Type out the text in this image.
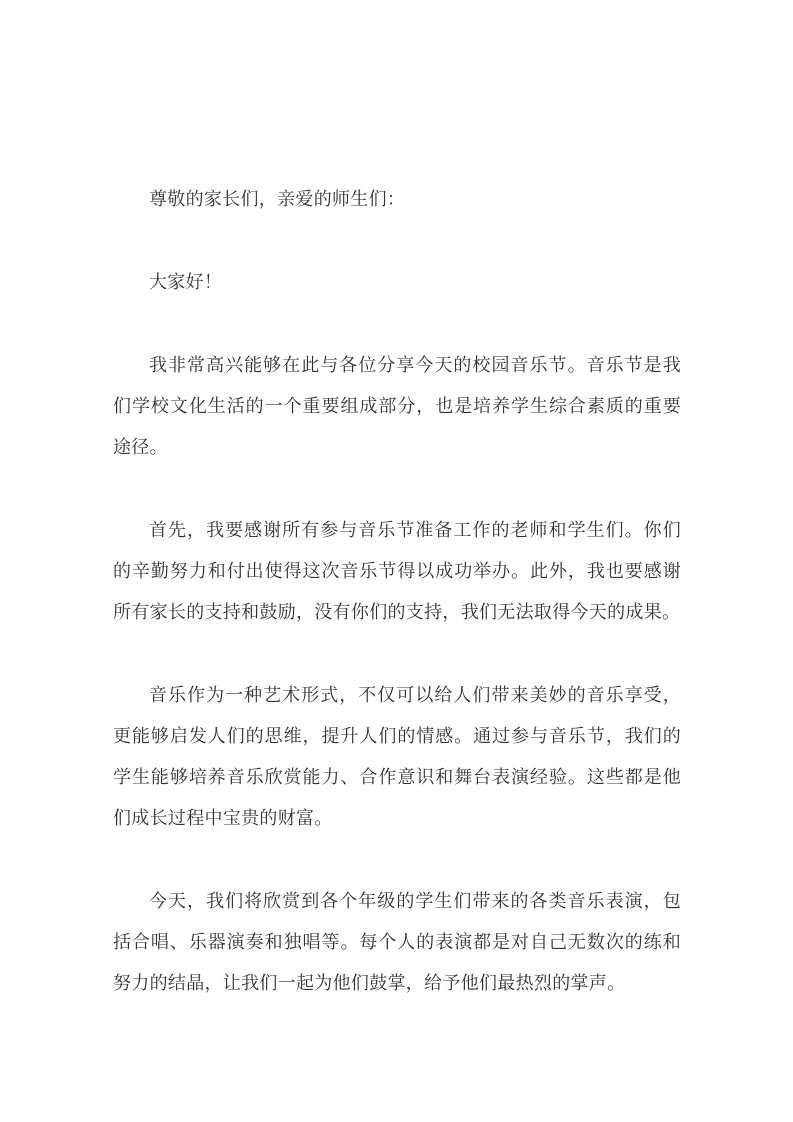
尊敬的家长们，亲爱的师生们：

大家好！

我非常高兴能够在此与各位分享今天的校园音乐节。音乐节是我
们学校文化生活的一个重要组成部分，也是培养学生综合素质的重要
途径。

首先，我要感谢所有参与音乐节准备工作的老师和学生们。你们
的辛勤努力和付出使得这次音乐节得以成功举办。此外，我也要感谢
所有家长的支持和鼓励，没有你们的支持，我们无法取得今天的成果。

音乐作为一种艺术形式，不仅可以给人们带来美妙的音乐享受，
更能够启发人们的思维，提升人们的情感。通过参与音乐节，我们的
学生能够培养音乐欣赏能力、合作意识和舞台表演经验。这些都是他
们成长过程中宝贵的财富。

今天，我们将欣赏到各个年级的学生们带来的各类音乐表演，包
括合唱、乐器演奏和独唱等。每个人的表演都是对自己无数次的练和
努力的结晶，让我们一起为他们鼓掌，给予他们最热烈的掌声。
